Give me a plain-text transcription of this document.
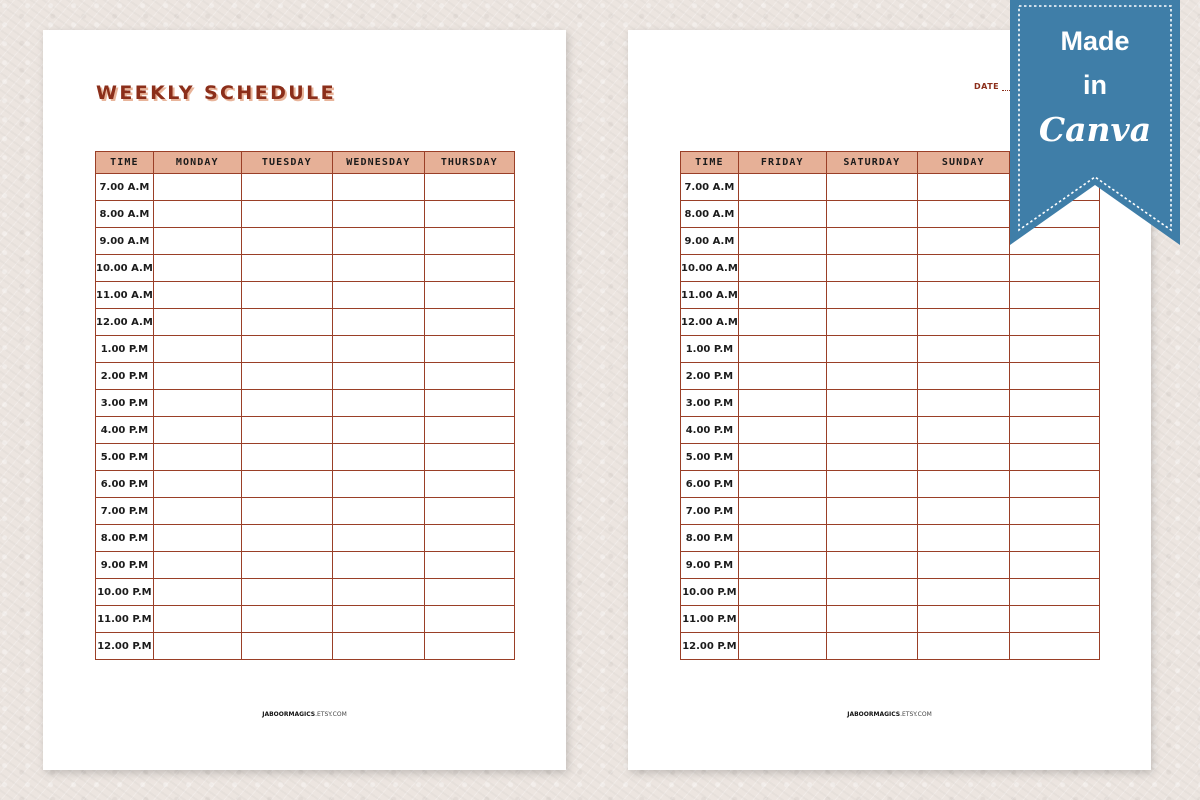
WEEKLY SCHEDULE
TIME	MONDAY	TUESDAY	WEDNESDAY	THURSDAY
7.00 A.M				
8.00 A.M				
9.00 A.M				
10.00 A.M				
11.00 A.M				
12.00 A.M				
1.00 P.M				
2.00 P.M				
3.00 P.M				
4.00 P.M				
5.00 P.M				
6.00 P.M				
7.00 P.M				
8.00 P.M				
9.00 P.M				
10.00 P.M				
11.00 P.M				
12.00 P.M				
JABOORMAGICS.ETSY.COM
DATE
TIME	FRIDAY	SATURDAY	SUNDAY	
7.00 A.M				
8.00 A.M				
9.00 A.M				
10.00 A.M				
11.00 A.M				
12.00 A.M				
1.00 P.M				
2.00 P.M				
3.00 P.M				
4.00 P.M				
5.00 P.M				
6.00 P.M				
7.00 P.M				
8.00 P.M				
9.00 P.M				
10.00 P.M				
11.00 P.M				
12.00 P.M				
JABOORMAGICS.ETSY.COM
Made
in
Canva
